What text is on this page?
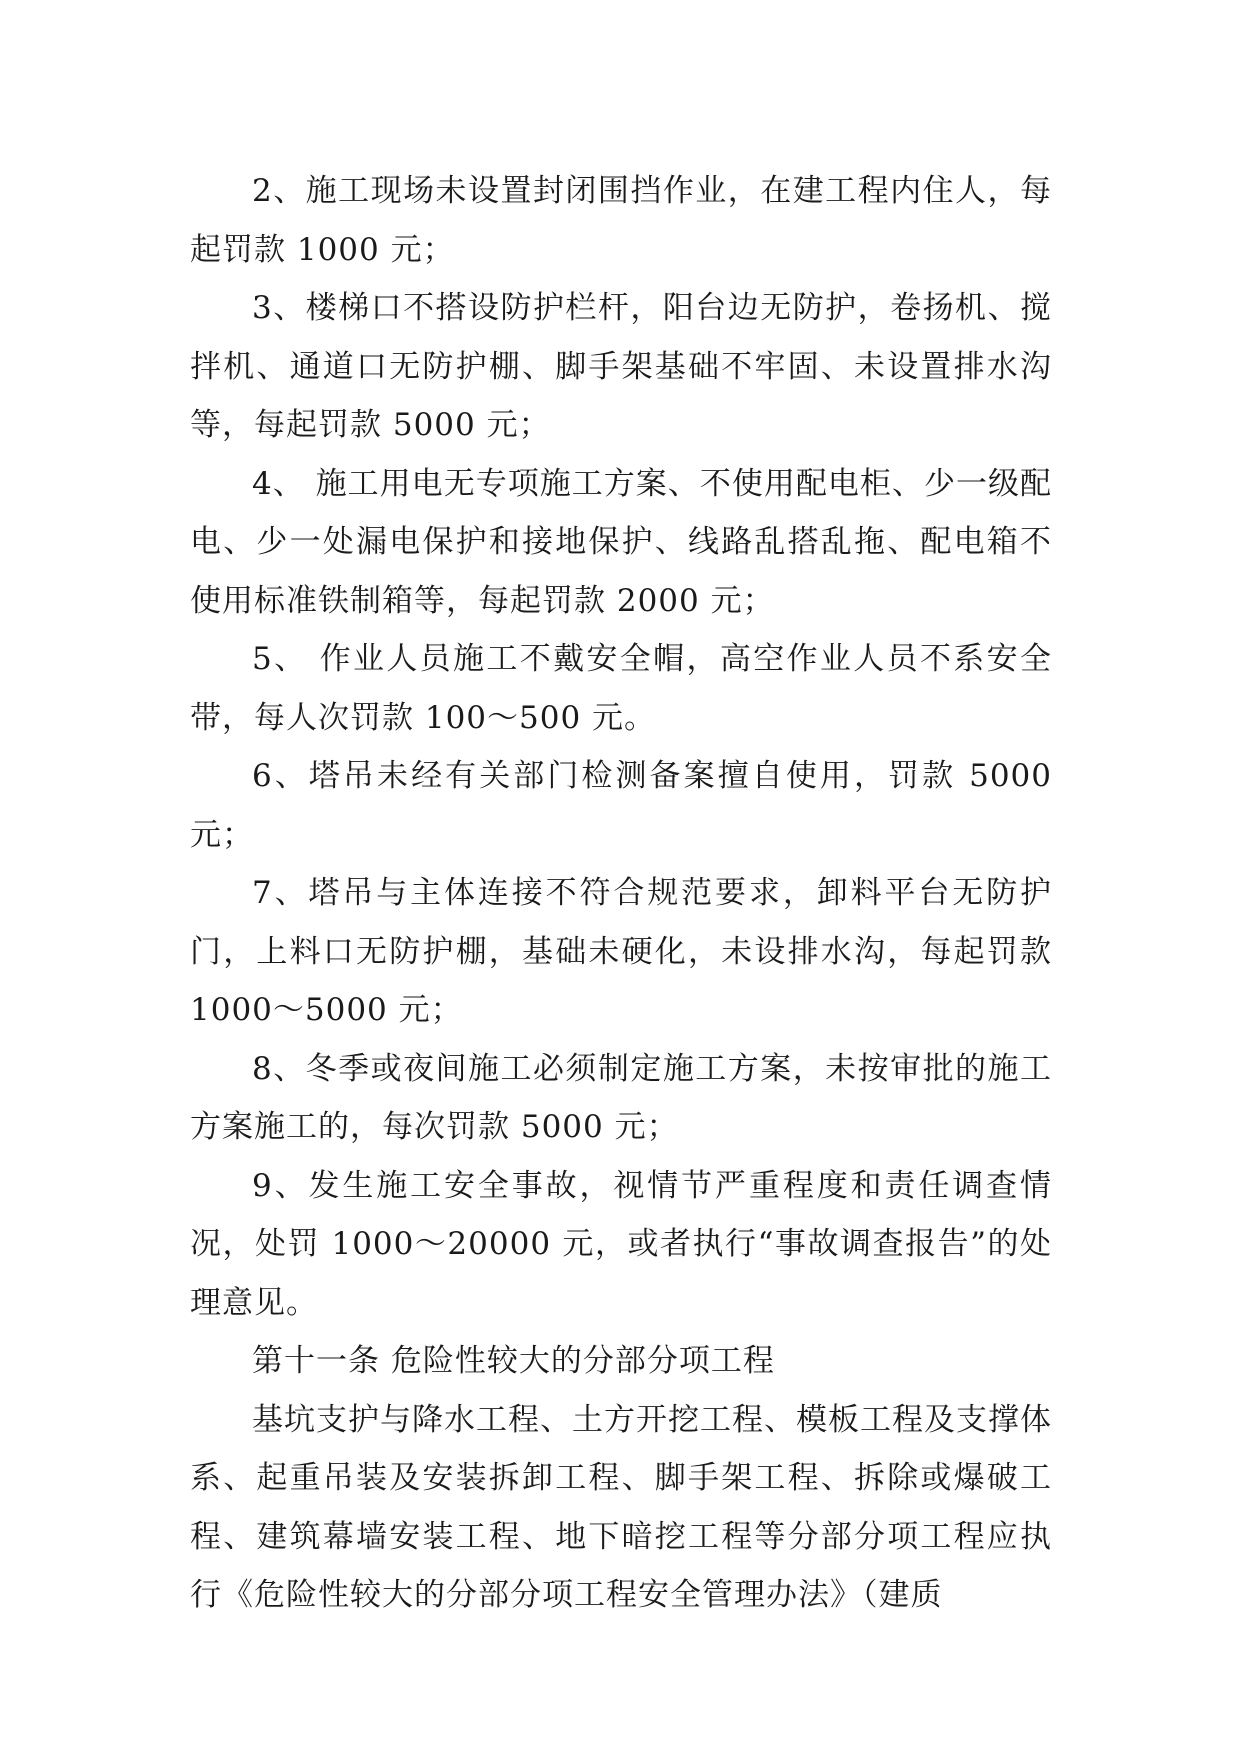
2、施工现场未设置封闭围挡作业，在建工程内住人，每起罚款 1000 元；

3、楼梯口不搭设防护栏杆，阳台边无防护，卷扬机、搅拌机、通道口无防护棚、脚手架基础不牢固、未设置排水沟等，每起罚款 5000 元；

4、 施工用电无专项施工方案、不使用配电柜、少一级配电、少一处漏电保护和接地保护、线路乱搭乱拖、配电箱不使用标准铁制箱等，每起罚款 2000 元；

5、 作业人员施工不戴安全帽，高空作业人员不系安全带，每人次罚款 100～500 元。

6、塔吊未经有关部门检测备案擅自使用，罚款 5000 元；

7、塔吊与主体连接不符合规范要求，卸料平台无防护门，上料口无防护棚，基础未硬化，未设排水沟，每起罚款 1000～5000 元；

8、冬季或夜间施工必须制定施工方案，未按审批的施工方案施工的，每次罚款 5000 元；

9、发生施工安全事故，视情节严重程度和责任调查情况，处罚 1000～20000 元，或者执行“事故调查报告”的处理意见。

第十一条 危险性较大的分部分项工程

基坑支护与降水工程、土方开挖工程、模板工程及支撑体系、起重吊装及安装拆卸工程、脚手架工程、拆除或爆破工程、建筑幕墙安装工程、地下暗挖工程等分部分项工程应执行《危险性较大的分部分项工程安全管理办法》（建质
